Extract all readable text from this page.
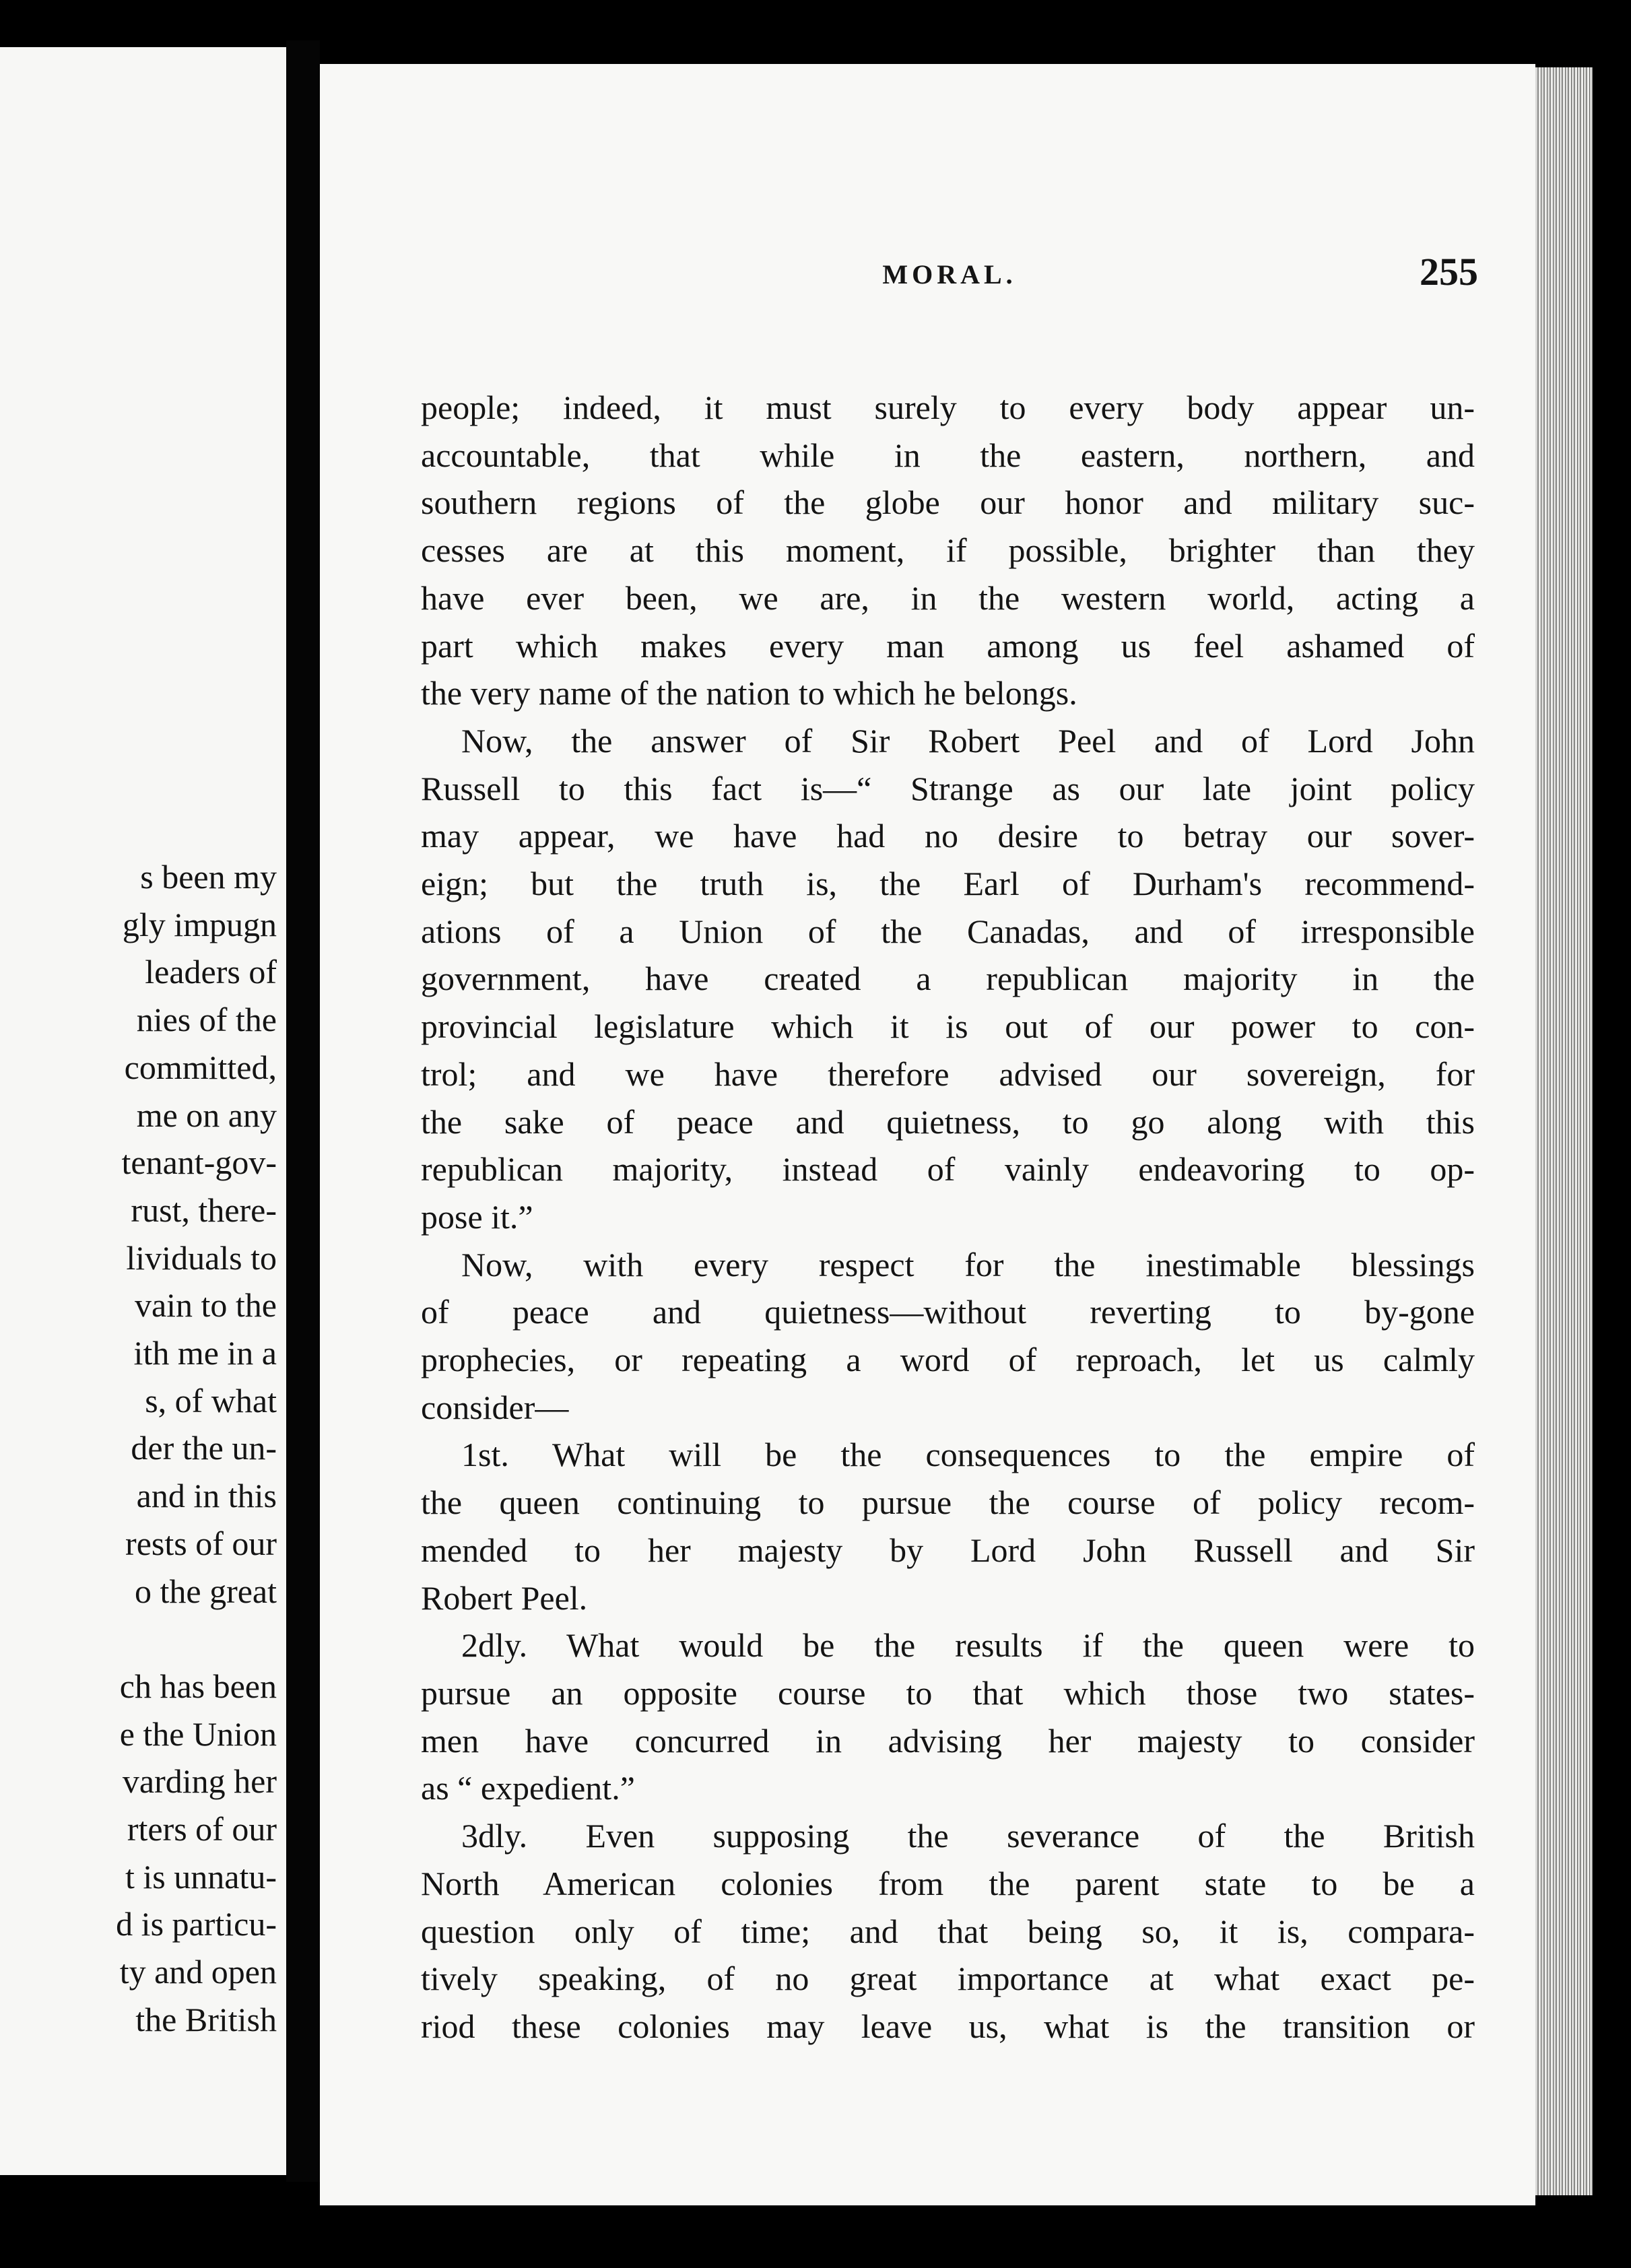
s been my
gly impugn
leaders of
nies of the
committed,
me on any
tenant-gov-
rust, there-
lividuals to
vain to the
ith me in a
s, of what
der the un-
and in this
rests of our
o the great
ch has been
e the Union
varding her
rters of our
t is unnatu-
d is particu-
ty and open
the British
MORAL.	255
people; indeed, it must surely to every body appear un-
accountable, that while in the eastern, northern, and
southern regions of the globe our honor and military suc-
cesses are at this moment, if possible, brighter than they
have ever been, we are, in the western world, acting a
part which makes every man among us feel ashamed of
the very name of the nation to which he belongs.
Now, the answer of Sir Robert Peel and of Lord John
Russell to this fact is—“ Strange as our late joint policy
may appear, we have had no desire to betray our sover-
eign; but the truth is, the Earl of Durham's recommend-
ations of a Union of the Canadas, and of irresponsible
government, have created a republican majority in the
provincial legislature which it is out of our power to con-
trol; and we have therefore advised our sovereign, for
the sake of peace and quietness, to go along with this
republican majority, instead of vainly endeavoring to op-
pose it.”
Now, with every respect for the inestimable blessings
of peace and quietness—without reverting to by-gone
prophecies, or repeating a word of reproach, let us calmly
consider—
1st. What will be the consequences to the empire of
the queen continuing to pursue the course of policy recom-
mended to her majesty by Lord John Russell and Sir
Robert Peel.
2dly. What would be the results if the queen were to
pursue an opposite course to that which those two states-
men have concurred in advising her majesty to consider
as “ expedient.”
3dly. Even supposing the severance of the British
North American colonies from the parent state to be a
question only of time; and that being so, it is, compara-
tively speaking, of no great importance at what exact pe-
riod these colonies may leave us, what is the transition or
